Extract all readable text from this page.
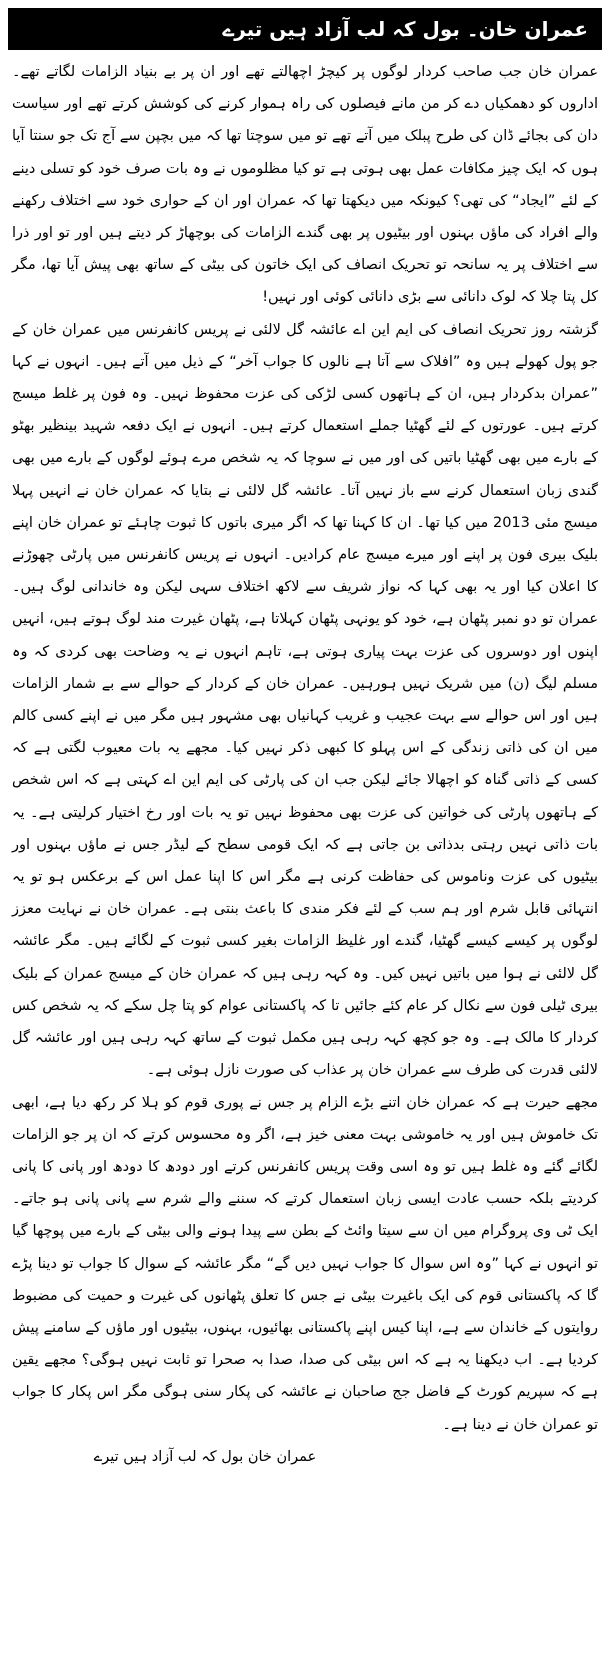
عمران خان۔ بول کہ لب آزاد ہیں تیرے

عمران خان جب صاحب کردار لوگوں پر کیچڑ اچھالتے تھے اور ان پر بے بنیاد الزامات لگاتے تھے۔ اداروں کو دھمکیاں دے کر من مانے فیصلوں کی راہ ہموار کرنے کی کوشش کرتے تھے اور سیاست دان کی بجائے ڈان کی طرح پبلک میں آتے تھے تو میں سوچتا تھا کہ میں بچپن سے آج تک جو سنتا آیا ہوں کہ ایک چیز مکافات عمل بھی ہوتی ہے تو کیا مظلوموں نے وہ بات صرف خود کو تسلی دینے کے لئے ”ایجاد“ کی تھی؟ کیونکہ میں دیکھتا تھا کہ عمران اور ان کے حواری خود سے اختلاف رکھنے والے افراد کی ماؤں بہنوں اور بیٹیوں پر بھی گندے الزامات کی بوچھاڑ کر دیتے ہیں اور تو اور ذرا سے اختلاف پر یہ سانحہ تو تحریک انصاف کی ایک خاتون کی بیٹی کے ساتھ بھی پیش آیا تھا، مگر کل پتا چلا کہ لوک دانائی سے بڑی دانائی کوئی اور نہیں!

گزشتہ روز تحریک انصاف کی ایم این اے عائشہ گل لالئی نے پریس کانفرنس میں عمران خان کے جو پول کھولے ہیں وہ ”افلاک سے آتا ہے نالوں کا جواب آخر“ کے ذیل میں آتے ہیں۔ انہوں نے کہا ”عمران بدکردار ہیں، ان کے ہاتھوں کسی لڑکی کی عزت محفوظ نہیں۔ وہ فون پر غلط میسج کرتے ہیں۔ عورتوں کے لئے گھٹیا جملے استعمال کرتے ہیں۔ انہوں نے ایک دفعہ شہید بینظیر بھٹو کے بارے میں بھی گھٹیا باتیں کی اور میں نے سوچا کہ یہ شخص مرے ہوئے لوگوں کے بارے میں بھی گندی زبان استعمال کرنے سے باز نہیں آتا۔ عائشہ گل لالئی نے بتایا کہ عمران خان نے انہیں پہلا میسج مئی 2013 میں کیا تھا۔ ان کا کہنا تھا کہ اگر میری باتوں کا ثبوت چاہئے تو عمران خان اپنے بلیک بیری فون پر اپنے اور میرے میسج عام کرادیں۔ انہوں نے پریس کانفرنس میں پارٹی چھوڑنے کا اعلان کیا اور یہ بھی کہا کہ نواز شریف سے لاکھ اختلاف سہی لیکن وہ خاندانی لوگ ہیں۔ عمران تو دو نمبر پٹھان ہے، خود کو یونہی پٹھان کہلاتا ہے، پٹھان غیرت مند لوگ ہوتے ہیں، انہیں اپنوں اور دوسروں کی عزت بہت پیاری ہوتی ہے، تاہم انہوں نے یہ وضاحت بھی کردی کہ وہ مسلم لیگ (ن) میں شریک نہیں ہورہیں۔ عمران خان کے کردار کے حوالے سے بے شمار الزامات ہیں اور اس حوالے سے بہت عجیب و غریب کہانیاں بھی مشہور ہیں مگر میں نے اپنے کسی کالم میں ان کی ذاتی زندگی کے اس پہلو کا کبھی ذکر نہیں کیا۔ مجھے یہ بات معیوب لگتی ہے کہ کسی کے ذاتی گناہ کو اچھالا جائے لیکن جب ان کی پارٹی کی ایم این اے کہتی ہے کہ اس شخص کے ہاتھوں پارٹی کی خواتین کی عزت بھی محفوظ نہیں تو یہ بات اور رخ اختیار کرلیتی ہے۔ یہ بات ذاتی نہیں رہتی بدذاتی بن جاتی ہے کہ ایک قومی سطح کے لیڈر جس نے ماؤں بہنوں اور بیٹیوں کی عزت وناموس کی حفاظت کرنی ہے مگر اس کا اپنا عمل اس کے برعکس ہو تو یہ انتہائی قابل شرم اور ہم سب کے لئے فکر مندی کا باعث بنتی ہے۔ عمران خان نے نہایت معزز لوگوں پر کیسے کیسے گھٹیا، گندے اور غلیظ الزامات بغیر کسی ثبوت کے لگائے ہیں۔ مگر عائشہ گل لالئی نے ہوا میں باتیں نہیں کیں۔ وہ کہہ رہی ہیں کہ عمران خان کے میسج عمران کے بلیک بیری ٹیلی فون سے نکال کر عام کئے جائیں تا کہ پاکستانی عوام کو پتا چل سکے کہ یہ شخص کس کردار کا مالک ہے۔ وہ جو کچھ کہہ رہی ہیں مکمل ثبوت کے ساتھ کہہ رہی ہیں اور عائشہ گل لالئی قدرت کی طرف سے عمران خان پر عذاب کی صورت نازل ہوئی ہے۔

مجھے حیرت ہے کہ عمران خان اتنے بڑے الزام پر جس نے پوری قوم کو ہلا کر رکھ دیا ہے، ابھی تک خاموش ہیں اور یہ خاموشی بہت معنی خیز ہے، اگر وہ محسوس کرتے کہ ان پر جو الزامات لگائے گئے وہ غلط ہیں تو وہ اسی وقت پریس کانفرنس کرتے اور دودھ کا دودھ اور پانی کا پانی کردیتے بلکہ حسب عادت ایسی زبان استعمال کرتے کہ سننے والے شرم سے پانی پانی ہو جاتے۔ ایک ٹی وی پروگرام میں ان سے سیتا وائٹ کے بطن سے پیدا ہونے والی بیٹی کے بارے میں پوچھا گیا تو انہوں نے کہا ”وہ اس سوال کا جواب نہیں دیں گے“ مگر عائشہ کے سوال کا جواب تو دینا پڑے گا کہ پاکستانی قوم کی ایک باغیرت بیٹی نے جس کا تعلق پٹھانوں کی غیرت و حمیت کی مضبوط روایتوں کے خاندان سے ہے، اپنا کیس اپنے پاکستانی بھائیوں، بہنوں، بیٹیوں اور ماؤں کے سامنے پیش کردیا ہے۔ اب دیکھنا یہ ہے کہ اس بیٹی کی صدا، صدا بہ صحرا تو ثابت نہیں ہوگی؟ مجھے یقین ہے کہ سپریم کورٹ کے فاضل جج صاحبان نے عائشہ کی پکار سنی ہوگی مگر اس پکار کا جواب تو عمران خان نے دینا ہے۔

عمران خان بول کہ لب آزاد ہیں تیرے
